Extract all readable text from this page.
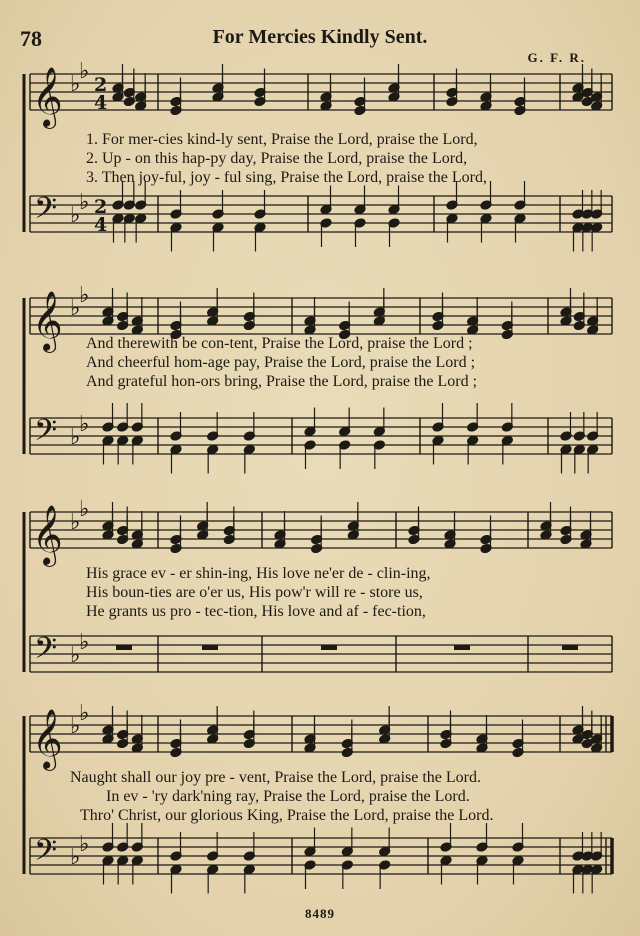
78	For Mercies Kindly Sent.
G. F. R.
𝄞
𝄢
♭
♭
♭
♭
2
4
2
4
1. For mer-cies kind-ly sent, Praise the Lord, praise the Lord,
2. Up - on this hap-py day, Praise the Lord, praise the Lord,
3. Then joy-ful, joy - ful sing, Praise the Lord, praise the Lord,
𝄞
𝄢
♭
♭
♭
♭
And therewith be con-tent, Praise the Lord, praise the Lord ;
And cheerful hom-age pay, Praise the Lord, praise the Lord ;
And grateful hon-ors bring, Praise the Lord, praise the Lord ;
𝄞
𝄢
♭
♭
♭
♭
His grace ev - er shin-ing, His love ne'er de - clin-ing,
His boun-ties are o'er us, His pow'r will re - store us,
He grants us pro - tec-tion, His love and af - fec-tion,
𝄞
𝄢
♭
♭
♭
♭
Naught shall our joy pre - vent, Praise the Lord, praise the Lord.
In ev - 'ry dark'ning ray, Praise the Lord, praise the Lord.
Thro' Christ, our glorious King, Praise the Lord, praise the Lord.
8489
